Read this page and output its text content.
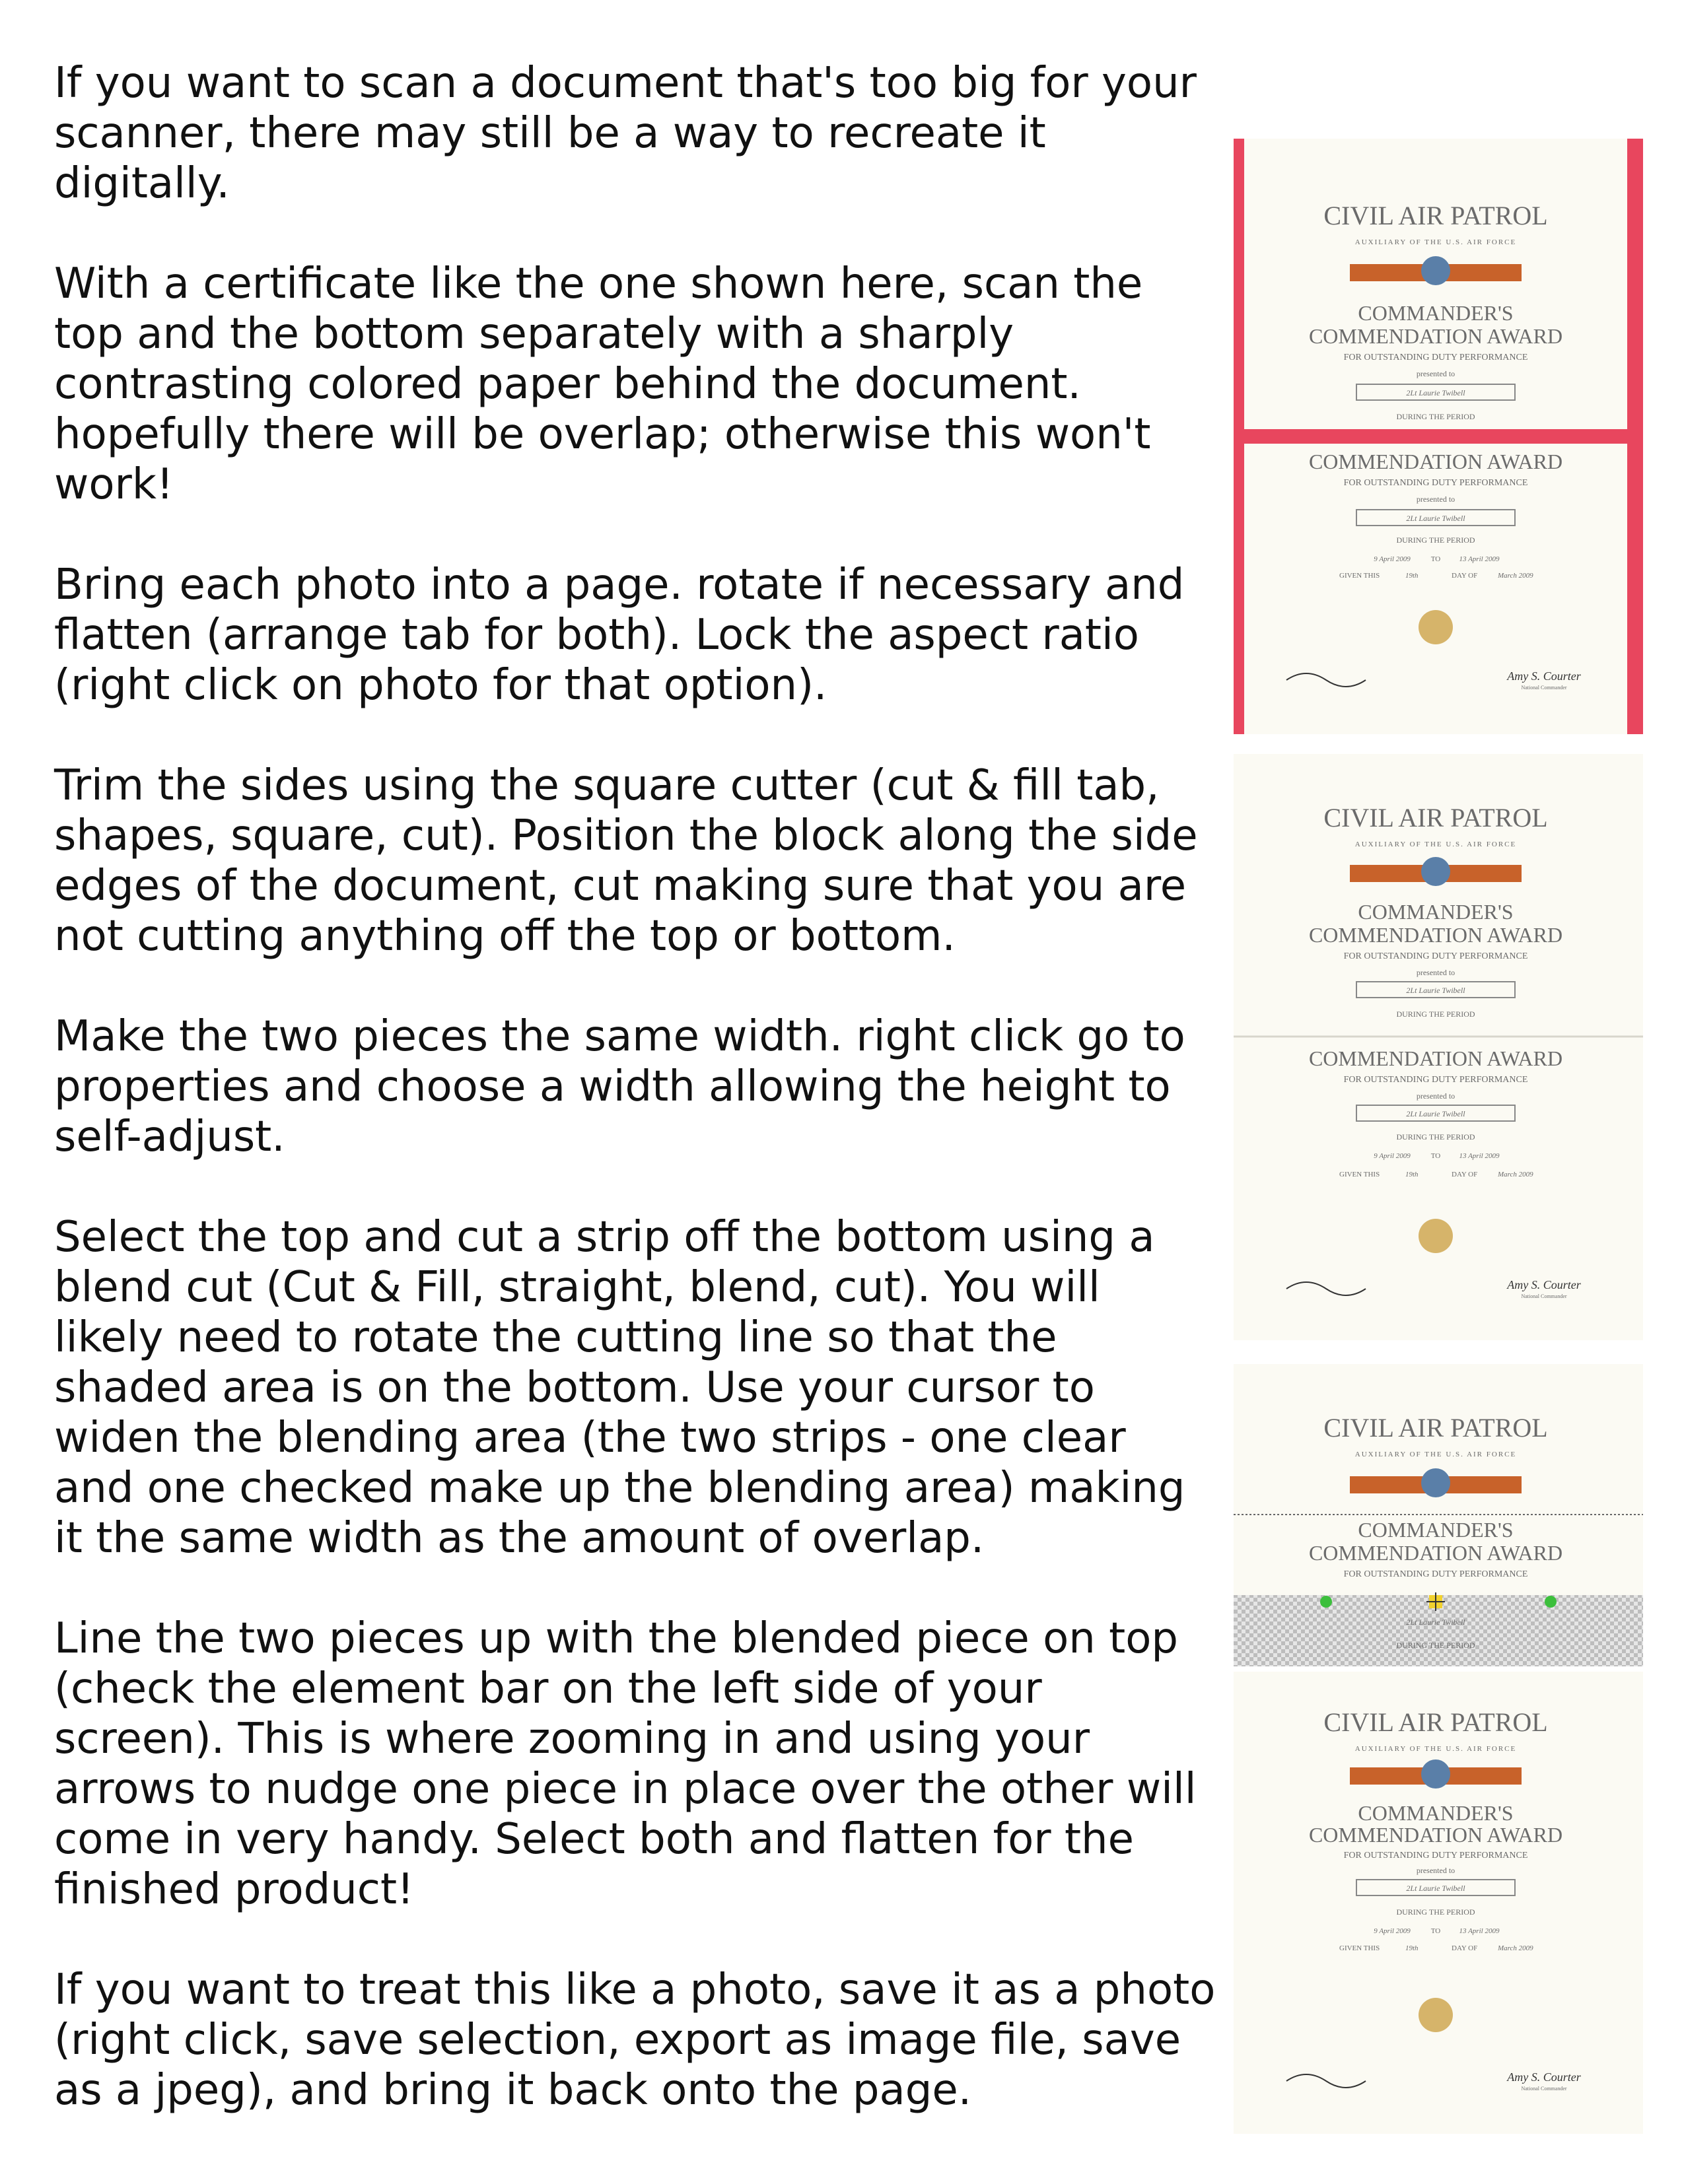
If you want to scan a document that's too big for your scanner, there may still be a way to recreate it digitally.

With a certificate like the one shown here, scan the top and the bottom separately with a sharply contrasting colored paper behind the document. hopefully there will be overlap; otherwise this won't work!

Bring each photo into a page. rotate if necessary and flatten (arrange tab for both). Lock the aspect ratio (right click on photo for that option).

Trim the sides using the square cutter (cut & fill tab, shapes, square, cut). Position the block along the side edges of the document, cut making sure that you are not cutting anything off the top or bottom.

Make the two pieces the same width. right click go to properties and choose a width allowing the height to self-adjust.

Select the top and cut a strip off the bottom using a blend cut (Cut & Fill, straight, blend, cut). You will likely need to rotate the cutting line so that the shaded area is on the bottom. Use your cursor to widen the blending area (the two strips - one clear and one checked make up the blending area) making it the same width as the amount of overlap.

Line the two pieces up with the blended piece on top (check the element bar on the left side of your screen). This is where zooming in and using your arrows to nudge one piece in place over the other will come in very handy. Select both and flatten for the finished product!

If you want to treat this like a photo, save it as a photo (right click, save selection, export as image file, save as a jpeg), and bring it back onto the page.

CIVIL AIR PATROL
AUXILIARY OF THE U.S. AIR FORCE
COMMANDER'S
COMMENDATION AWARD
FOR OUTSTANDING DUTY PERFORMANCE
presented to
2Lt Laurie Twibell
DURING THE PERIOD
COMMENDATION AWARD
FOR OUTSTANDING DUTY PERFORMANCE
presented to
2Lt Laurie Twibell
DURING THE PERIOD
9 April 2009	TO	13 April 2009
GIVEN THIS	19th	DAY OF	March 2009
Amy S. Courter
National Commander
CIVIL AIR PATROL
AUXILIARY OF THE U.S. AIR FORCE
COMMANDER'S
COMMENDATION AWARD
FOR OUTSTANDING DUTY PERFORMANCE
presented to
2Lt Laurie Twibell
DURING THE PERIOD
COMMENDATION AWARD
FOR OUTSTANDING DUTY PERFORMANCE
presented to
2Lt Laurie Twibell
DURING THE PERIOD
9 April 2009	TO	13 April 2009
GIVEN THIS	19th	DAY OF	March 2009
Amy S. Courter
National Commander
CIVIL AIR PATROL
AUXILIARY OF THE U.S. AIR FORCE
COMMANDER'S
COMMENDATION AWARD
FOR OUTSTANDING DUTY PERFORMANCE
2Lt Laurie Twibell
DURING THE PERIOD
CIVIL AIR PATROL
AUXILIARY OF THE U.S. AIR FORCE
COMMANDER'S
COMMENDATION AWARD
FOR OUTSTANDING DUTY PERFORMANCE
presented to
2Lt Laurie Twibell
DURING THE PERIOD
9 April 2009	TO	13 April 2009
GIVEN THIS	19th	DAY OF	March 2009
Amy S. Courter
National Commander
